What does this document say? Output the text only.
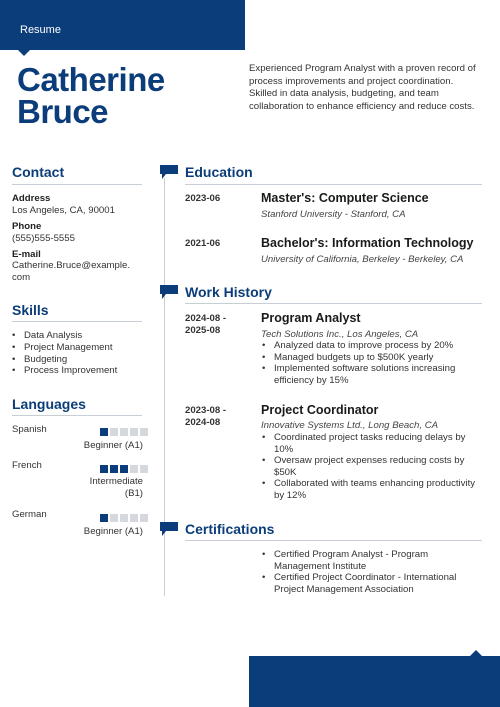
Resume
Catherine
Bruce
Experienced Program Analyst with a proven record of process improvements and project coordination. Skilled in data analysis, budgeting, and team collaboration to enhance efficiency and reduce costs.
Contact
Address
Los Angeles, CA, 90001
Phone
(555)555-5555
E-mail
Catherine.Bruce@example.
com
Skills
• Data Analysis
• Project Management
• Budgeting
• Process Improvement
Languages
Spanish
Beginner (A1)
French
Intermediate (B1)
German
Beginner (A1)
Education
2023-06	Master's: Computer Science
Stanford University - Stanford, CA
2021-06	Bachelor's: Information Technology
University of California, Berkeley - Berkeley, CA
Work History
2024-08 -
2025-08
Program Analyst
Tech Solutions Inc., Los Angeles, CA
• Analyzed data to improve process by 20%
• Managed budgets up to $500K yearly
• Implemented software solutions increasing efficiency by 15%
2023-08 -
2024-08
Project Coordinator
Innovative Systems Ltd., Long Beach, CA
• Coordinated project tasks reducing delays by 10%
• Oversaw project expenses reducing costs by $50K
• Collaborated with teams enhancing productivity by 12%
Certifications
• Certified Program Analyst - Program Management Institute
• Certified Project Coordinator - International Project Management Association
